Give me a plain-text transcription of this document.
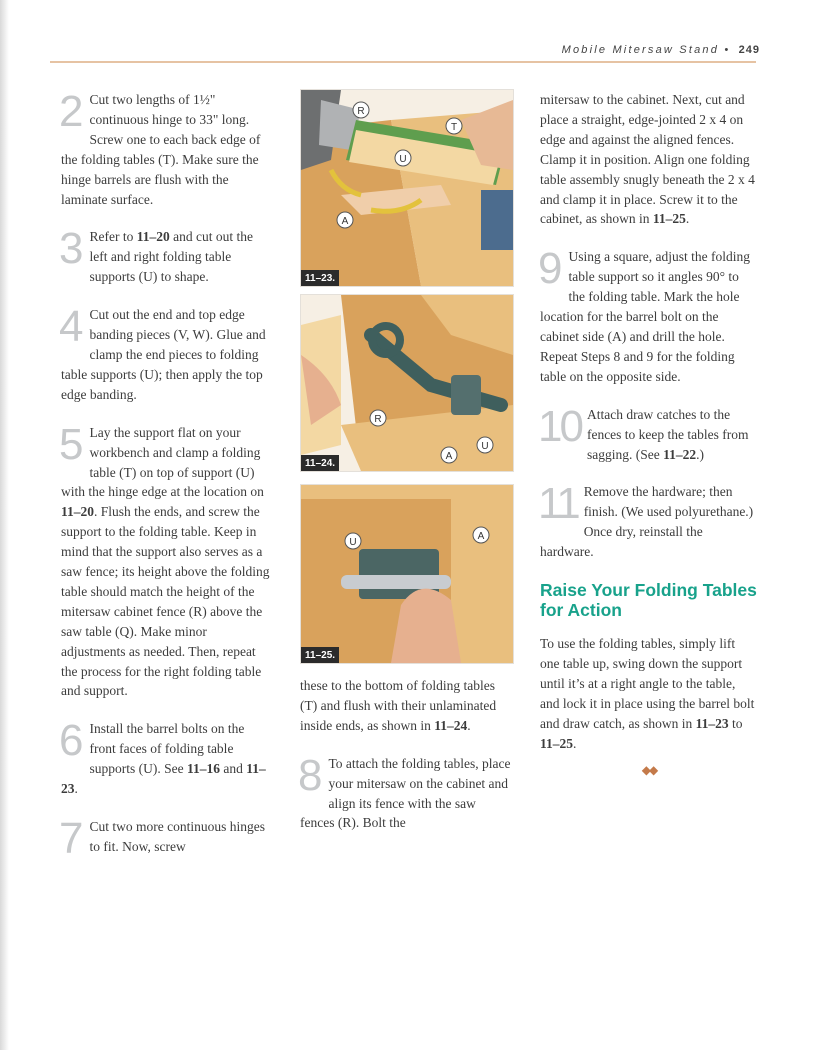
Mobile Mitersaw Stand • 249

2 Cut two lengths of 1½" continuous hinge to 33" long. Screw one to each back edge of the folding tables (T). Make sure the hinge barrels are flush with the laminate surface.

3 Refer to 11–20 and cut out the left and right folding table supports (U) to shape.

4 Cut out the end and top edge banding pieces (V, W). Glue and clamp the end pieces to folding table supports (U); then apply the top edge banding.

5 Lay the support flat on your workbench and clamp a folding table (T) on top of support (U) with the hinge edge at the location on 11–20. Flush the ends, and screw the support to the folding table. Keep in mind that the support also serves as a saw fence; its height above the folding table should match the height of the mitersaw cabinet fence (R) above the saw table (Q). Make minor adjustments as needed. Then, repeat the process for the right folding table and support.

6 Install the barrel bolts on the front faces of folding table supports (U). See 11–16 and 11–23.

7 Cut two more continuous hinges to fit. Now, screw

R
T
U
A
11–23.
R
A
U
11–24.
U
A
11–25.

these to the bottom of folding tables (T) and flush with their unlaminated inside ends, as shown in 11–24.

8 To attach the folding tables, place your mitersaw on the cabinet and align its fence with the saw fences (R). Bolt the

mitersaw to the cabinet. Next, cut and place a straight, edge-jointed 2 x 4 on edge and against the aligned fences. Clamp it in position. Align one folding table assembly snugly beneath the 2 x 4 and clamp it in place. Screw it to the cabinet, as shown in 11–25.

9 Using a square, adjust the folding table support so it angles 90° to the folding table. Mark the hole location for the barrel bolt on the cabinet side (A) and drill the hole. Repeat Steps 8 and 9 for the folding table on the opposite side.

10 Attach draw catches to the fences to keep the tables from sagging. (See 11–22.)

11 Remove the hardware; then finish. (We used polyurethane.) Once dry, reinstall the hardware.

Raise Your Folding Tables for Action

To use the folding tables, simply lift one table up, swing down the support until it’s at a right angle to the table, and lock it in place using the barrel bolt and draw catch, as shown in 11–23 to 11–25.

◆◆
